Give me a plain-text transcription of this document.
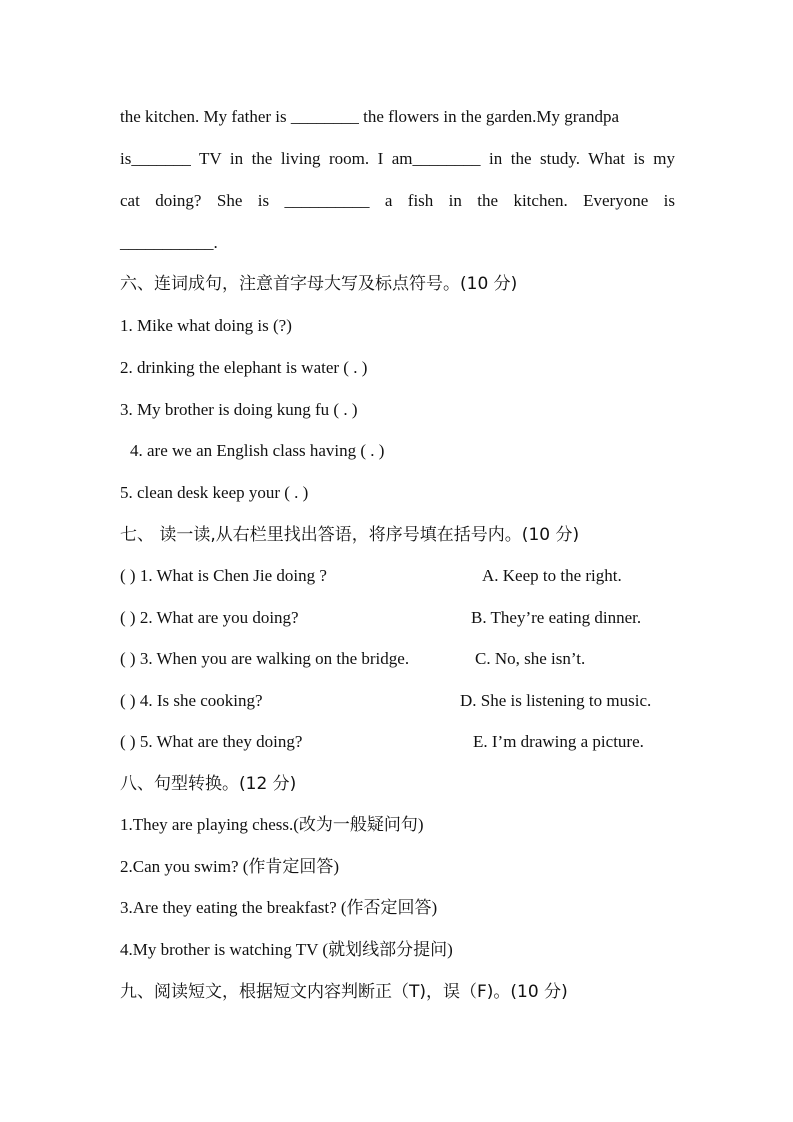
the kitchen. My father is ________ the flowers in the garden.My grandpa
is_______ TV in the living room. I am________ in the study. What is my
cat doing? She is __________ a fish in the kitchen. Everyone is
___________.
六、连词成句，注意首字母大写及标点符号。(10 分)
1. Mike what doing is (?)
2. drinking the elephant is water ( . )
3. My brother is doing kung fu ( . )
4. are we an English class having ( . )
5. clean desk keep your ( . )
七、 读一读,从右栏里找出答语，将序号填在括号内。(10 分)
( ) 1. What is Chen Jie doing ?	A. Keep to the right.
( ) 2. What are you doing?	B. They’re eating dinner.
( ) 3. When you are walking on the bridge.	C. No, she isn’t.
( ) 4. Is she cooking?	D. She is listening to music.
( ) 5. What are they doing?	E. I’m drawing a picture.
八、句型转换。(12 分)
1.They are playing chess.(改为一般疑问句)
2.Can you swim? (作肯定回答)
3.Are they eating the breakfast? (作否定回答)
4.My brother is watching TV (就划线部分提问)
九、阅读短文，根据短文内容判断正（T)，误（F)。(10 分)
